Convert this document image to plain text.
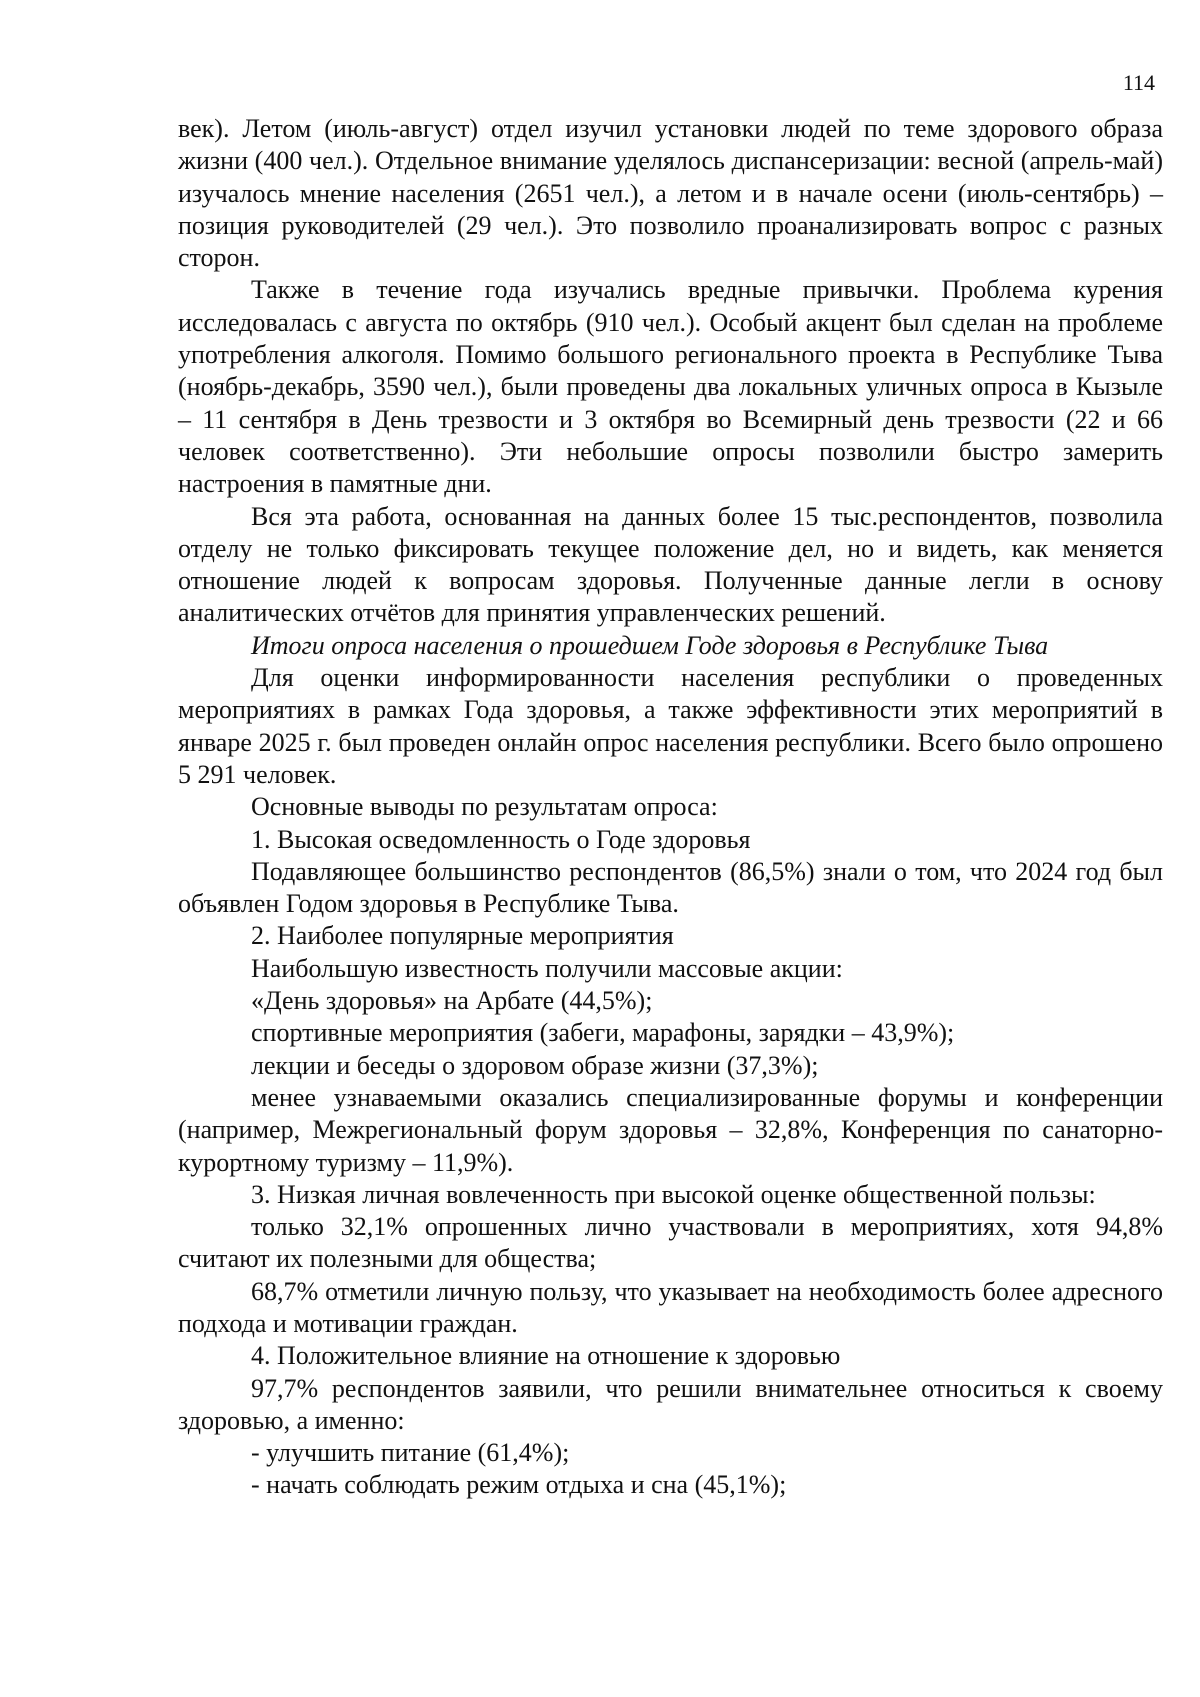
114

век). Летом (июль-август) отдел изучил установки людей по теме здорового образа жизни (400 чел.). Отдельное внимание уделялось диспансеризации: весной (апрель-май) изучалось мнение населения (2651 чел.), а летом и в начале осени (июль-сентябрь) – позиция руководителей (29 чел.). Это позволило проанализировать вопрос с разных сторон.

Также в течение года изучались вредные привычки. Проблема курения исследовалась с августа по октябрь (910 чел.). Особый акцент был сделан на проблеме употребления алкоголя. Помимо большого регионального проекта в Республике Тыва (ноябрь-декабрь, 3590 чел.), были проведены два локальных уличных опроса в Кызыле – 11 сентября в День трезвости и 3 октября во Всемирный день трезвости (22 и 66 человек соответственно). Эти небольшие опросы позволили быстро замерить настроения в памятные дни.

Вся эта работа, основанная на данных более 15 тыс.респондентов, позволила отделу не только фиксировать текущее положение дел, но и видеть, как меняется отношение людей к вопросам здоровья. Полученные данные легли в основу аналитических отчётов для принятия управленческих решений.

Итоги опроса населения о прошедшем Годе здоровья в Республике Тыва

Для оценки информированности населения республики о проведенных мероприятиях в рамках Года здоровья, а также эффективности этих мероприятий в январе 2025 г. был проведен онлайн опрос населения республики. Всего было опрошено 5 291 человек.

Основные выводы по результатам опроса:

1. Высокая осведомленность о Годе здоровья

Подавляющее большинство респондентов (86,5%) знали о том, что 2024 год был объявлен Годом здоровья в Республике Тыва.

2. Наиболее популярные мероприятия

Наибольшую известность получили массовые акции:

«День здоровья» на Арбате (44,5%);

спортивные мероприятия (забеги, марафоны, зарядки – 43,9%);

лекции и беседы о здоровом образе жизни (37,3%);

менее узнаваемыми оказались специализированные форумы и конференции (например, Межрегиональный форум здоровья – 32,8%, Конференция по санаторно-курортному туризму – 11,9%).

3. Низкая личная вовлеченность при высокой оценке общественной пользы:

только 32,1% опрошенных лично участвовали в мероприятиях, хотя 94,8% считают их полезными для общества;

68,7% отметили личную пользу, что указывает на необходимость более адресного подхода и мотивации граждан.

4. Положительное влияние на отношение к здоровью

97,7% респондентов заявили, что решили внимательнее относиться к своему здоровью, а именно:

- улучшить питание (61,4%);

- начать соблюдать режим отдыха и сна (45,1%);
